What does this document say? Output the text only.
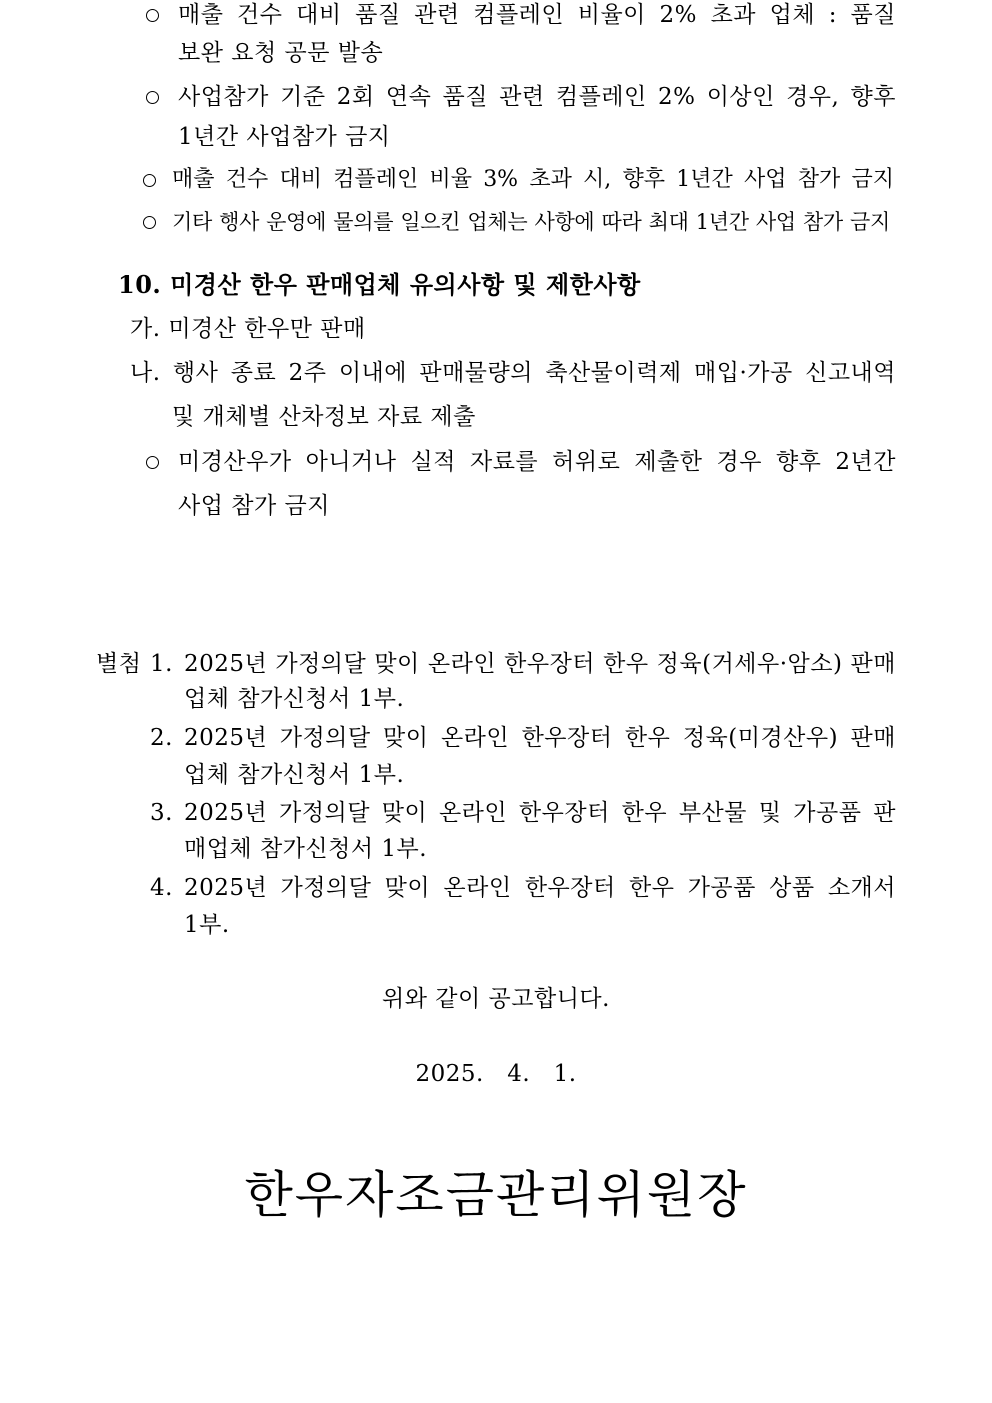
매출 건수 대비 품질 관련 컴플레인 비율이 2% 초과 업체 : 품질
보완 요청 공문 발송
사업참가 기준 2회 연속 품질 관련 컴플레인 2% 이상인 경우, 향후
1년간 사업참가 금지
매출 건수 대비 컴플레인 비율 3% 초과 시, 향후 1년간 사업 참가 금지
기타 행사 운영에 물의를 일으킨 업체는 사항에 따라 최대 1년간 사업 참가 금지
10. 미경산 한우 판매업체 유의사항 및 제한사항
가. 미경산 한우만 판매
나. 행사 종료 2주 이내에 판매물량의 축산물이력제 매입·가공 신고내역
및 개체별 산차정보 자료 제출
미경산우가 아니거나 실적 자료를 허위로 제출한 경우 향후 2년간
사업 참가 금지
별첨 1. 2025년 가정의달 맞이 온라인 한우장터 한우 정육(거세우·암소) 판매
업체 참가신청서 1부.
2. 2025년 가정의달 맞이 온라인 한우장터 한우 정육(미경산우) 판매
업체 참가신청서 1부.
3. 2025년 가정의달 맞이 온라인 한우장터 한우 부산물 및 가공품 판
매업체 참가신청서 1부.
4. 2025년 가정의달 맞이 온라인 한우장터 한우 가공품 상품 소개서
1부.
위와 같이 공고합니다.
2025.   4.   1.
한우자조금관리위원장
